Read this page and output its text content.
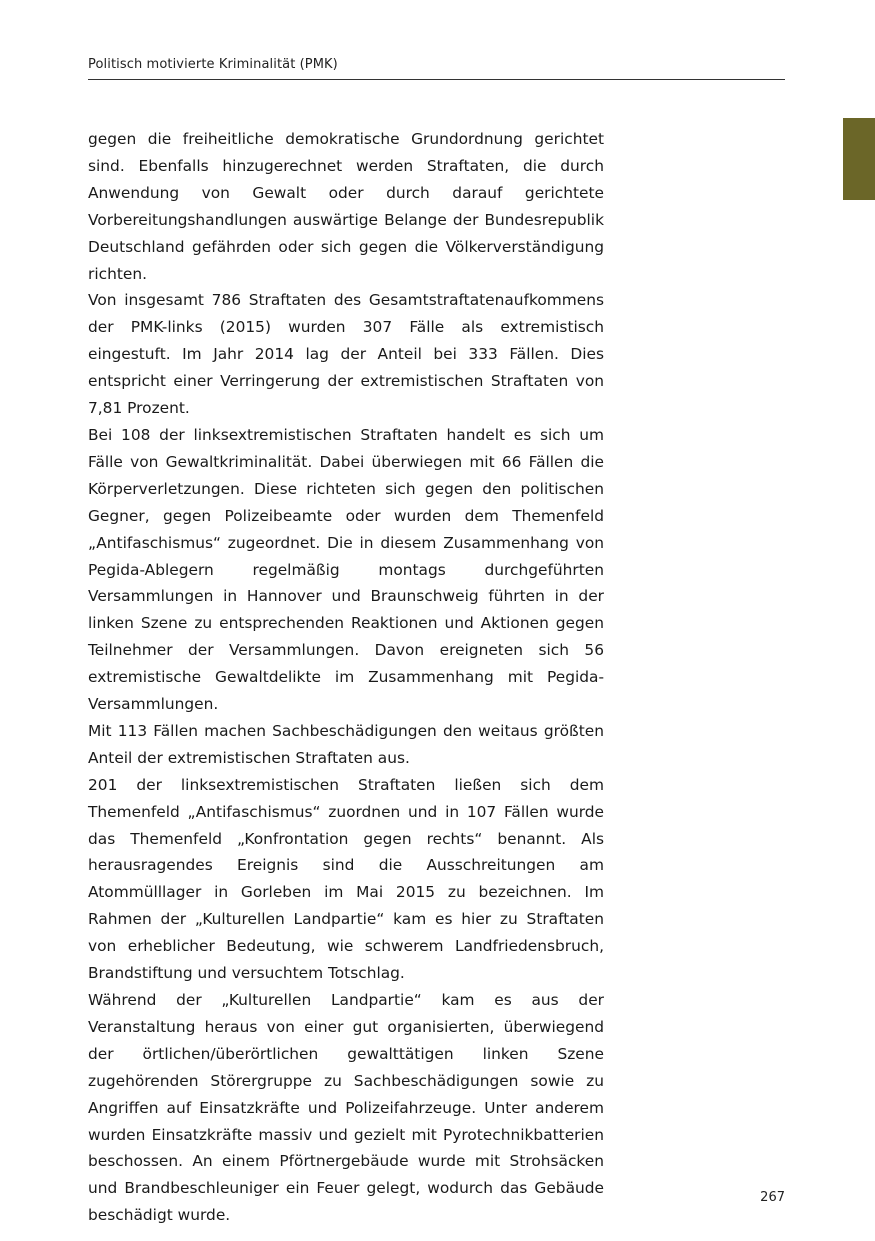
Politisch motivierte Kriminalität (PMK)

gegen die freiheitliche demokratische Grundordnung gerichtet sind. Ebenfalls hinzugerechnet werden Straftaten, die durch Anwendung von Gewalt oder durch darauf gerichtete Vorbereitungshandlungen auswärtige Belange der Bundesrepublik Deutschland gefährden oder sich gegen die Völkerverständigung richten.

Von insgesamt 786 Straftaten des Gesamtstraftatenaufkommens der PMK-links (2015) wurden 307 Fälle als extremistisch eingestuft. Im Jahr 2014 lag der Anteil bei 333 Fällen. Dies entspricht einer Verringerung der extremistischen Straftaten von 7,81 Prozent.

Bei 108 der linksextremistischen Straftaten handelt es sich um Fälle von Gewaltkriminalität. Dabei überwiegen mit 66 Fällen die Körperverletzungen. Diese richteten sich gegen den politischen Gegner, gegen Polizeibeamte oder wurden dem Themenfeld „Antifaschismus“ zugeordnet. Die in diesem Zusammenhang von Pegida-Ablegern regelmäßig montags durchgeführten Versammlungen in Hannover und Braunschweig führten in der linken Szene zu entsprechenden Reaktionen und Aktionen gegen Teilnehmer der Versammlungen. Davon ereigneten sich 56 extremistische Gewaltdelikte im Zusammenhang mit Pegida-Versammlungen.

Mit 113 Fällen machen Sachbeschädigungen den weitaus größten Anteil der extremistischen Straftaten aus.

201 der linksextremistischen Straftaten ließen sich dem Themenfeld „Antifaschismus“ zuordnen und in 107 Fällen wurde das Themenfeld „Konfrontation gegen rechts“ benannt. Als herausragendes Ereignis sind die Ausschreitungen am Atommülllager in Gorleben im Mai 2015 zu bezeichnen. Im Rahmen der „Kulturellen Landpartie“ kam es hier zu Straftaten von erheblicher Bedeutung, wie schwerem Landfriedensbruch, Brandstiftung und versuchtem Totschlag.

Während der „Kulturellen Landpartie“ kam es aus der Veranstaltung heraus von einer gut organisierten, überwiegend der örtlichen/überörtlichen gewalttätigen linken Szene zugehörenden Störergruppe zu Sachbeschädigungen sowie zu Angriffen auf Einsatzkräfte und Polizeifahrzeuge. Unter anderem wurden Einsatzkräfte massiv und gezielt mit Pyrotechnikbatterien beschossen. An einem Pförtnergebäude wurde mit Strohsäcken und Brandbeschleuniger ein Feuer gelegt, wodurch das Gebäude beschädigt wurde.

267
